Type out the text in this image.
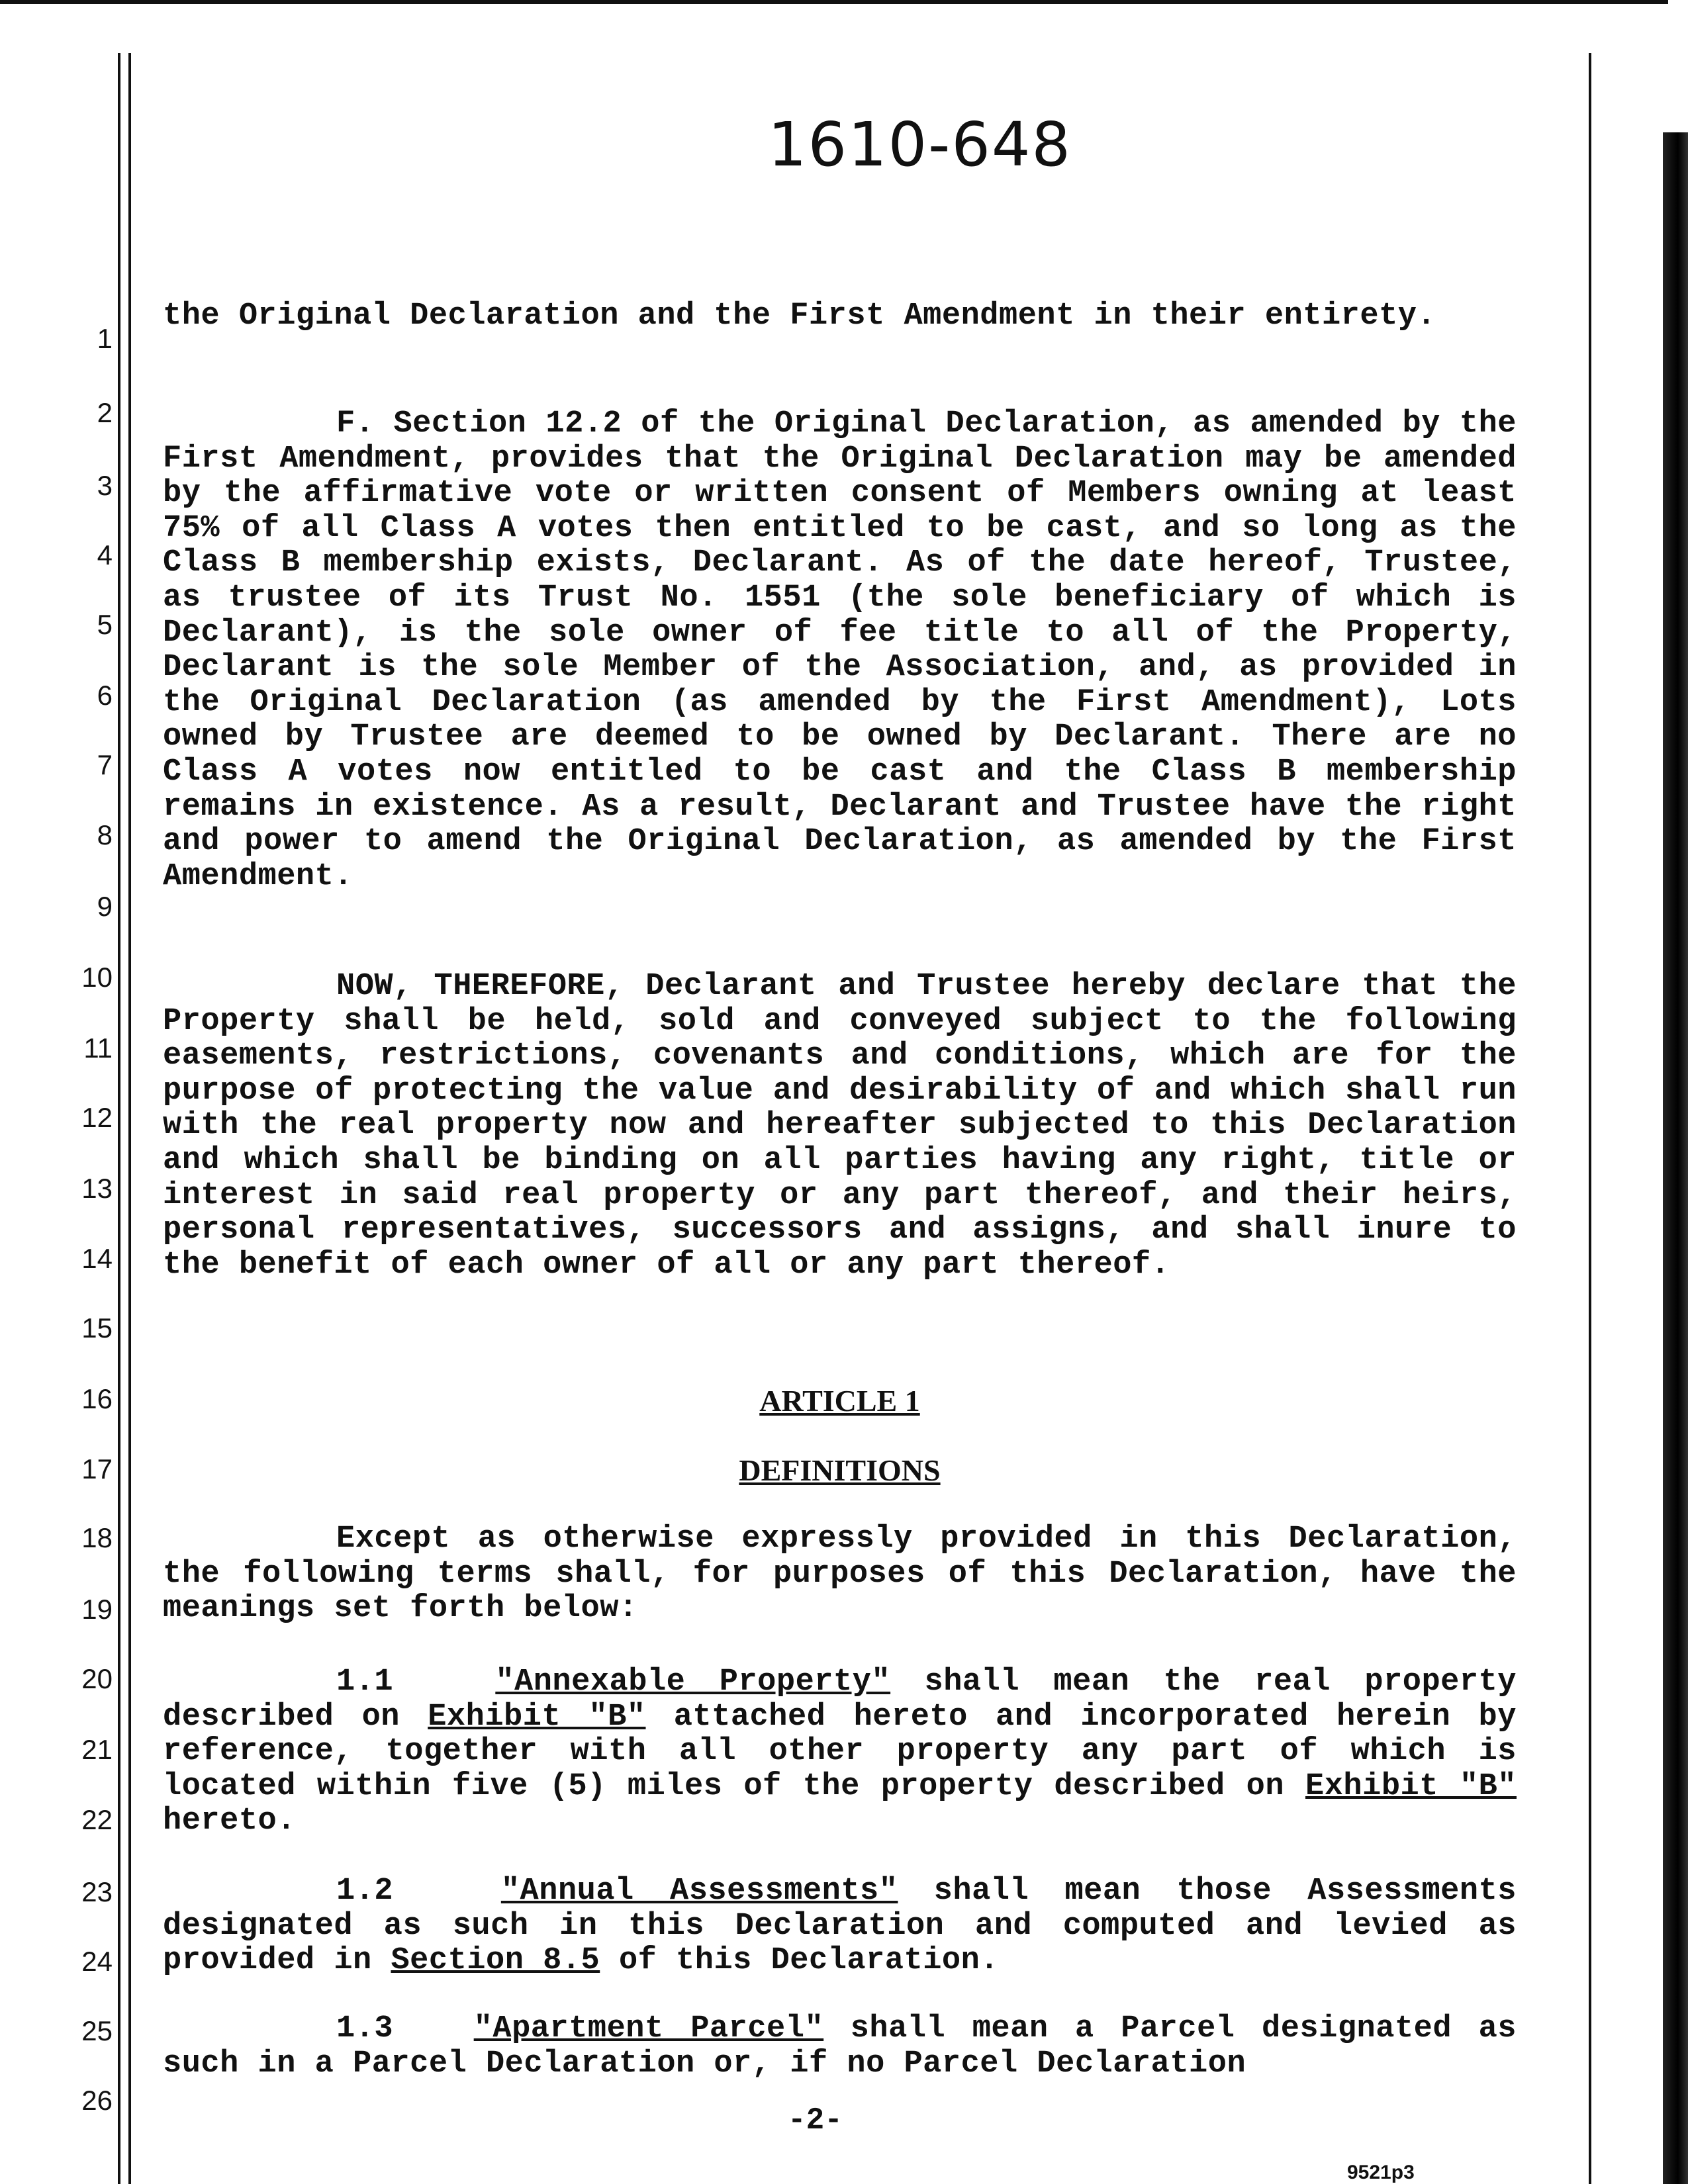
1610-648
1
2
3
4
5
6
7
8
9
10
11
12
13
14
15
16
17
18
19
20
21
22
23
24
25
26

the Original Declaration and the First Amendment in their entirety.

F. Section 12.2 of the Original Declaration, as amended by the First Amendment, provides that the Original Declaration may be amended by the affirmative vote or written consent of Members owning at least 75% of all Class A votes then entitled to be cast, and so long as the Class B membership exists, Declarant. As of the date hereof, Trustee, as trustee of its Trust No. 1551 (the sole beneficiary of which is Declarant), is the sole owner of fee title to all of the Property, Declarant is the sole Member of the Association, and, as provided in the Original Declaration (as amended by the First Amendment), Lots owned by Trustee are deemed to be owned by Declarant. There are no Class A votes now entitled to be cast and the Class B membership remains in existence. As a result, Declarant and Trustee have the right and power to amend the Original Declaration, as amended by the First Amendment.

NOW, THEREFORE, Declarant and Trustee hereby declare that the Property shall be held, sold and conveyed subject to the following easements, restrictions, covenants and conditions, which are for the purpose of protecting the value and desirability of and which shall run with the real property now and hereafter subjected to this Declaration and which shall be binding on all parties having any right, title or interest in said real property or any part thereof, and their heirs, personal representatives, successors and assigns, and shall inure to the benefit of each owner of all or any part thereof.

ARTICLE 1
DEFINITIONS

Except as otherwise expressly provided in this Declaration, the following terms shall, for purposes of this Declaration, have the meanings set forth below:

1.1	"Annexable Property" shall mean the real property described on Exhibit "B" attached hereto and incorporated herein by reference, together with all other property any part of which is located within five (5) miles of the property described on Exhibit "B" hereto.

1.2	"Annual Assessments" shall mean those Assessments designated as such in this Declaration and computed and levied as provided in Section 8.5 of this Declaration.

1.3	"Apartment Parcel" shall mean a Parcel designated as such in a Parcel Declaration or, if no Parcel Declaration

-2-
9521p3
